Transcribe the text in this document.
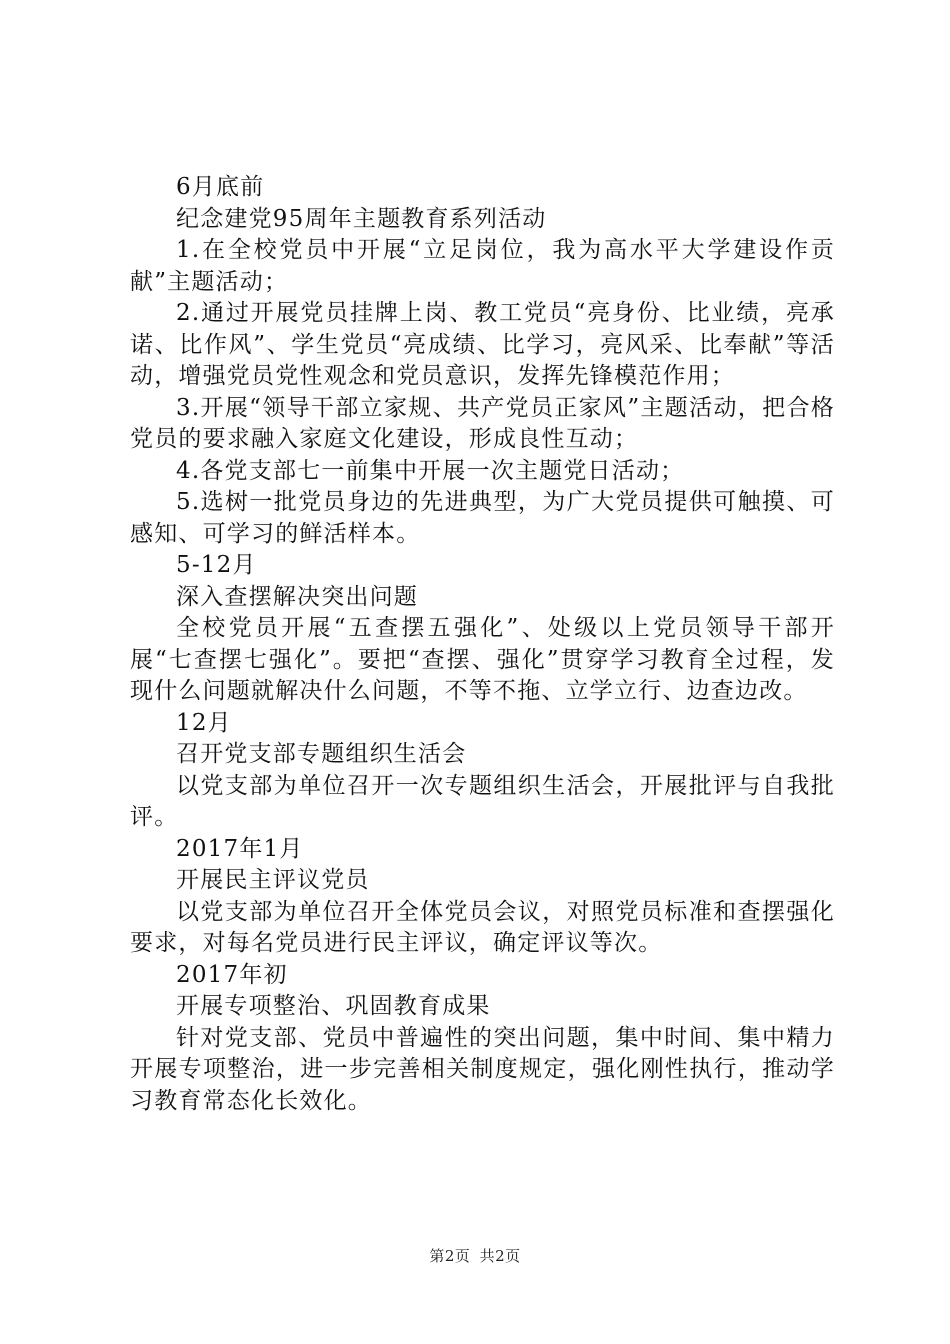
6月底前

纪念建党95周年主题教育系列活动

1.在全校党员中开展“立足岗位，我为高水平大学建设作贡献”主题活动；

2.通过开展党员挂牌上岗、教工党员“亮身份、比业绩，亮承诺、比作风”、学生党员“亮成绩、比学习，亮风采、比奉献”等活动，增强党员党性观念和党员意识，发挥先锋模范作用；

3.开展“领导干部立家规、共产党员正家风”主题活动，把合格党员的要求融入家庭文化建设，形成良性互动；

4.各党支部七一前集中开展一次主题党日活动；

5.选树一批党员身边的先进典型，为广大党员提供可触摸、可感知、可学习的鲜活样本。

5-12月

深入查摆解决突出问题

全校党员开展“五查摆五强化”、处级以上党员领导干部开展“七查摆七强化”。要把“查摆、强化”贯穿学习教育全过程，发现什么问题就解决什么问题，不等不拖、立学立行、边查边改。

12月

召开党支部专题组织生活会

以党支部为单位召开一次专题组织生活会，开展批评与自我批评。

2017年1月

开展民主评议党员

以党支部为单位召开全体党员会议，对照党员标准和查摆强化要求，对每名党员进行民主评议，确定评议等次。

2017年初

开展专项整治、巩固教育成果

针对党支部、党员中普遍性的突出问题，集中时间、集中精力开展专项整治，进一步完善相关制度规定，强化刚性执行，推动学习教育常态化长效化。

第2页 共2页
